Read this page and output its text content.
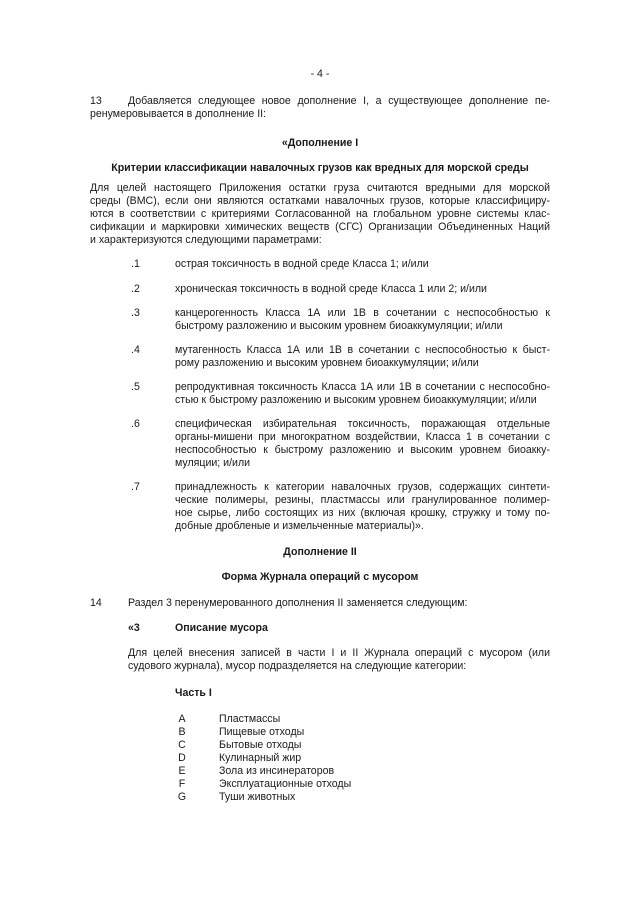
- 4 -
13 Добавляется следующее новое дополнение I, а существующее дополнение пе-
ренумеровывается в дополнение II:
«Дополнение I
Критерии классификации навалочных грузов как вредных для морской среды
Для целей настоящего Приложения остатки груза считаются вредными для морской
среды (ВМС), если они являются остатками навалочных грузов, которые классифициру-
ются в соответствии с критериями Согласованной на глобальном уровне системы клас-
сификации и маркировки химических веществ (СГС) Организации Объединенных Наций
и характеризуются следующими параметрами:
.1	острая токсичность в водной среде Класса 1; и/или
.2	хроническая токсичность в водной среде Класса 1 или 2; и/или
.3	канцерогенность Класса 1А или 1В в сочетании с неспособностью к
быстрому разложению и высоким уровнем биоаккумуляции; и/или
.4	мутагенность Класса 1А или 1В в сочетании с неспособностью к быст-
рому разложению и высоким уровнем биоаккумуляции; и/или
.5	репродуктивная токсичность Класса 1А или 1В в сочетании с неспособно-
стью к быстрому разложению и высоким уровнем биоаккумуляции; и/или
.6	специфическая избирательная токсичность, поражающая отдельные
органы-мишени при многократном воздействии, Класса 1 в сочетании с
неспособностью к быстрому разложению и высоким уровнем биоакку-
муляции; и/или
.7	принадлежность к категории навалочных грузов, содержащих синтети-
ческие полимеры, резины, пластмассы или гранулированное полимер-
ное сырье, либо состоящих из них (включая крошку, стружку и тому по-
добные дробленые и измельченные материалы)».
Дополнение II
Форма Журнала операций с мусором
14 Раздел 3 перенумерованного дополнения II заменяется следующим:
«3	Описание мусора
Для целей внесения записей в части I и II Журнала операций с мусором (или
судового журнала), мусор подразделяется на следующие категории:
Часть I
A	Пластмассы
B	Пищевые отходы
C	Бытовые отходы
D	Кулинарный жир
E	Зола из инсинераторов
F	Эксплуатационные отходы
G	Туши животных
